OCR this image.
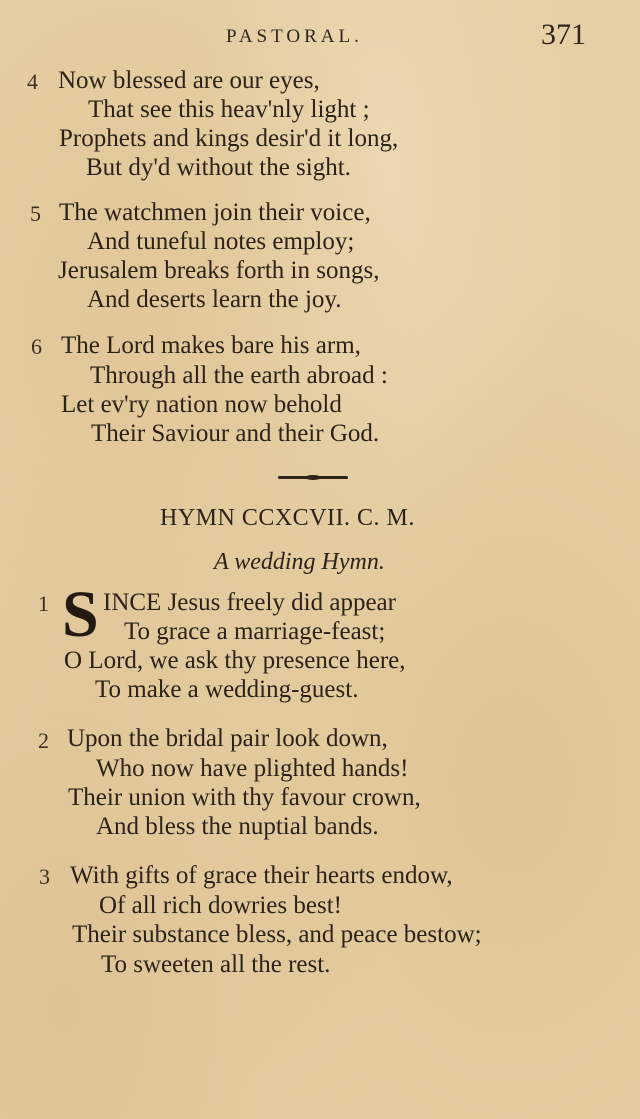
PASTORAL.	371
4 Now blessed are our eyes,
That see this heav'nly light ;
Prophets and kings desir'd it long,
But dy'd without the sight.
5 The watchmen join their voice,
And tuneful notes employ;
Jerusalem breaks forth in songs,
And deserts learn the joy.
6 The Lord makes bare his arm,
Through all the earth abroad :
Let ev'ry nation now behold
Their Saviour and their God.
HYMN CCXCVII. C. M.
A wedding Hymn.
1 S INCE Jesus freely did appear
To grace a marriage-feast;
O Lord, we ask thy presence here,
To make a wedding-guest.
2 Upon the bridal pair look down,
Who now have plighted hands!
Their union with thy favour crown,
And bless the nuptial bands.
3 With gifts of grace their hearts endow,
Of all rich dowries best!
Their substance bless, and peace bestow;
To sweeten all the rest.
